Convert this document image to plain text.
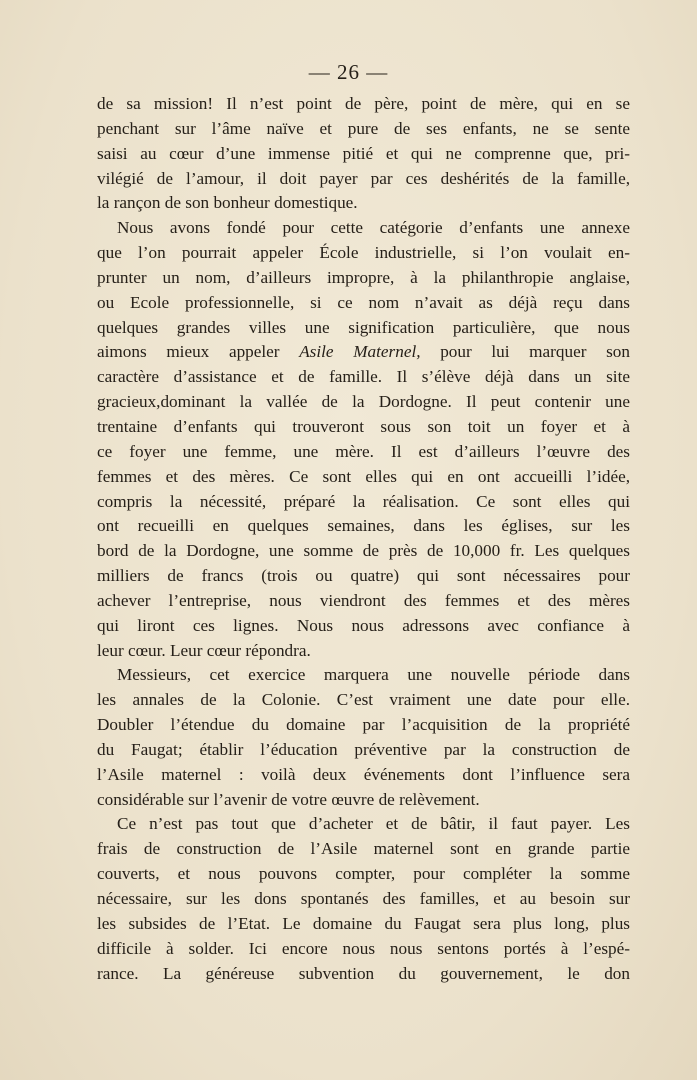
— 26 —
de sa mission! Il n’est point de père, point de mère, qui en se
penchant sur l’âme naïve et pure de ses enfants, ne se sente
saisi au cœur d’une immense pitié et qui ne comprenne que, pri-
vilégié de l’amour, il doit payer par ces deshérités de la famille,
la rançon de son bonheur domestique.
Nous avons fondé pour cette catégorie d’enfants une annexe
que l’on pourrait appeler École industrielle, si l’on voulait en-
prunter un nom, d’ailleurs impropre, à la philanthropie anglaise,
ou Ecole professionnelle, si ce nom n’avait as déjà reçu dans
quelques grandes villes une signification particulière, que nous
aimons mieux appeler Asile Maternel, pour lui marquer son
caractère d’assistance et de famille. Il s’élève déjà dans un site
gracieux,dominant la vallée de la Dordogne. Il peut contenir une
trentaine d’enfants qui trouveront sous son toit un foyer et à
ce foyer une femme, une mère. Il est d’ailleurs l’œuvre des
femmes et des mères. Ce sont elles qui en ont accueilli l’idée,
compris la nécessité, préparé la réalisation. Ce sont elles qui
ont recueilli en quelques semaines, dans les églises, sur les
bord de la Dordogne, une somme de près de 10,000 fr. Les quelques
milliers de francs (trois ou quatre) qui sont nécessaires pour
achever l’entreprise, nous viendront des femmes et des mères
qui liront ces lignes. Nous nous adressons avec confiance à
leur cœur. Leur cœur répondra.
Messieurs, cet exercice marquera une nouvelle période dans
les annales de la Colonie. C’est vraiment une date pour elle.
Doubler l’étendue du domaine par l’acquisition de la propriété
du Faugat; établir l’éducation préventive par la construction de
l’Asile maternel : voilà deux événements dont l’influence sera
considérable sur l’avenir de votre œuvre de relèvement.
Ce n’est pas tout que d’acheter et de bâtir, il faut payer. Les
frais de construction de l’Asile maternel sont en grande partie
couverts, et nous pouvons compter, pour compléter la somme
nécessaire, sur les dons spontanés des familles, et au besoin sur
les subsides de l’Etat. Le domaine du Faugat sera plus long, plus
difficile à solder. Ici encore nous nous sentons portés à l’espé-
rance. La généreuse subvention du gouvernement, le don
